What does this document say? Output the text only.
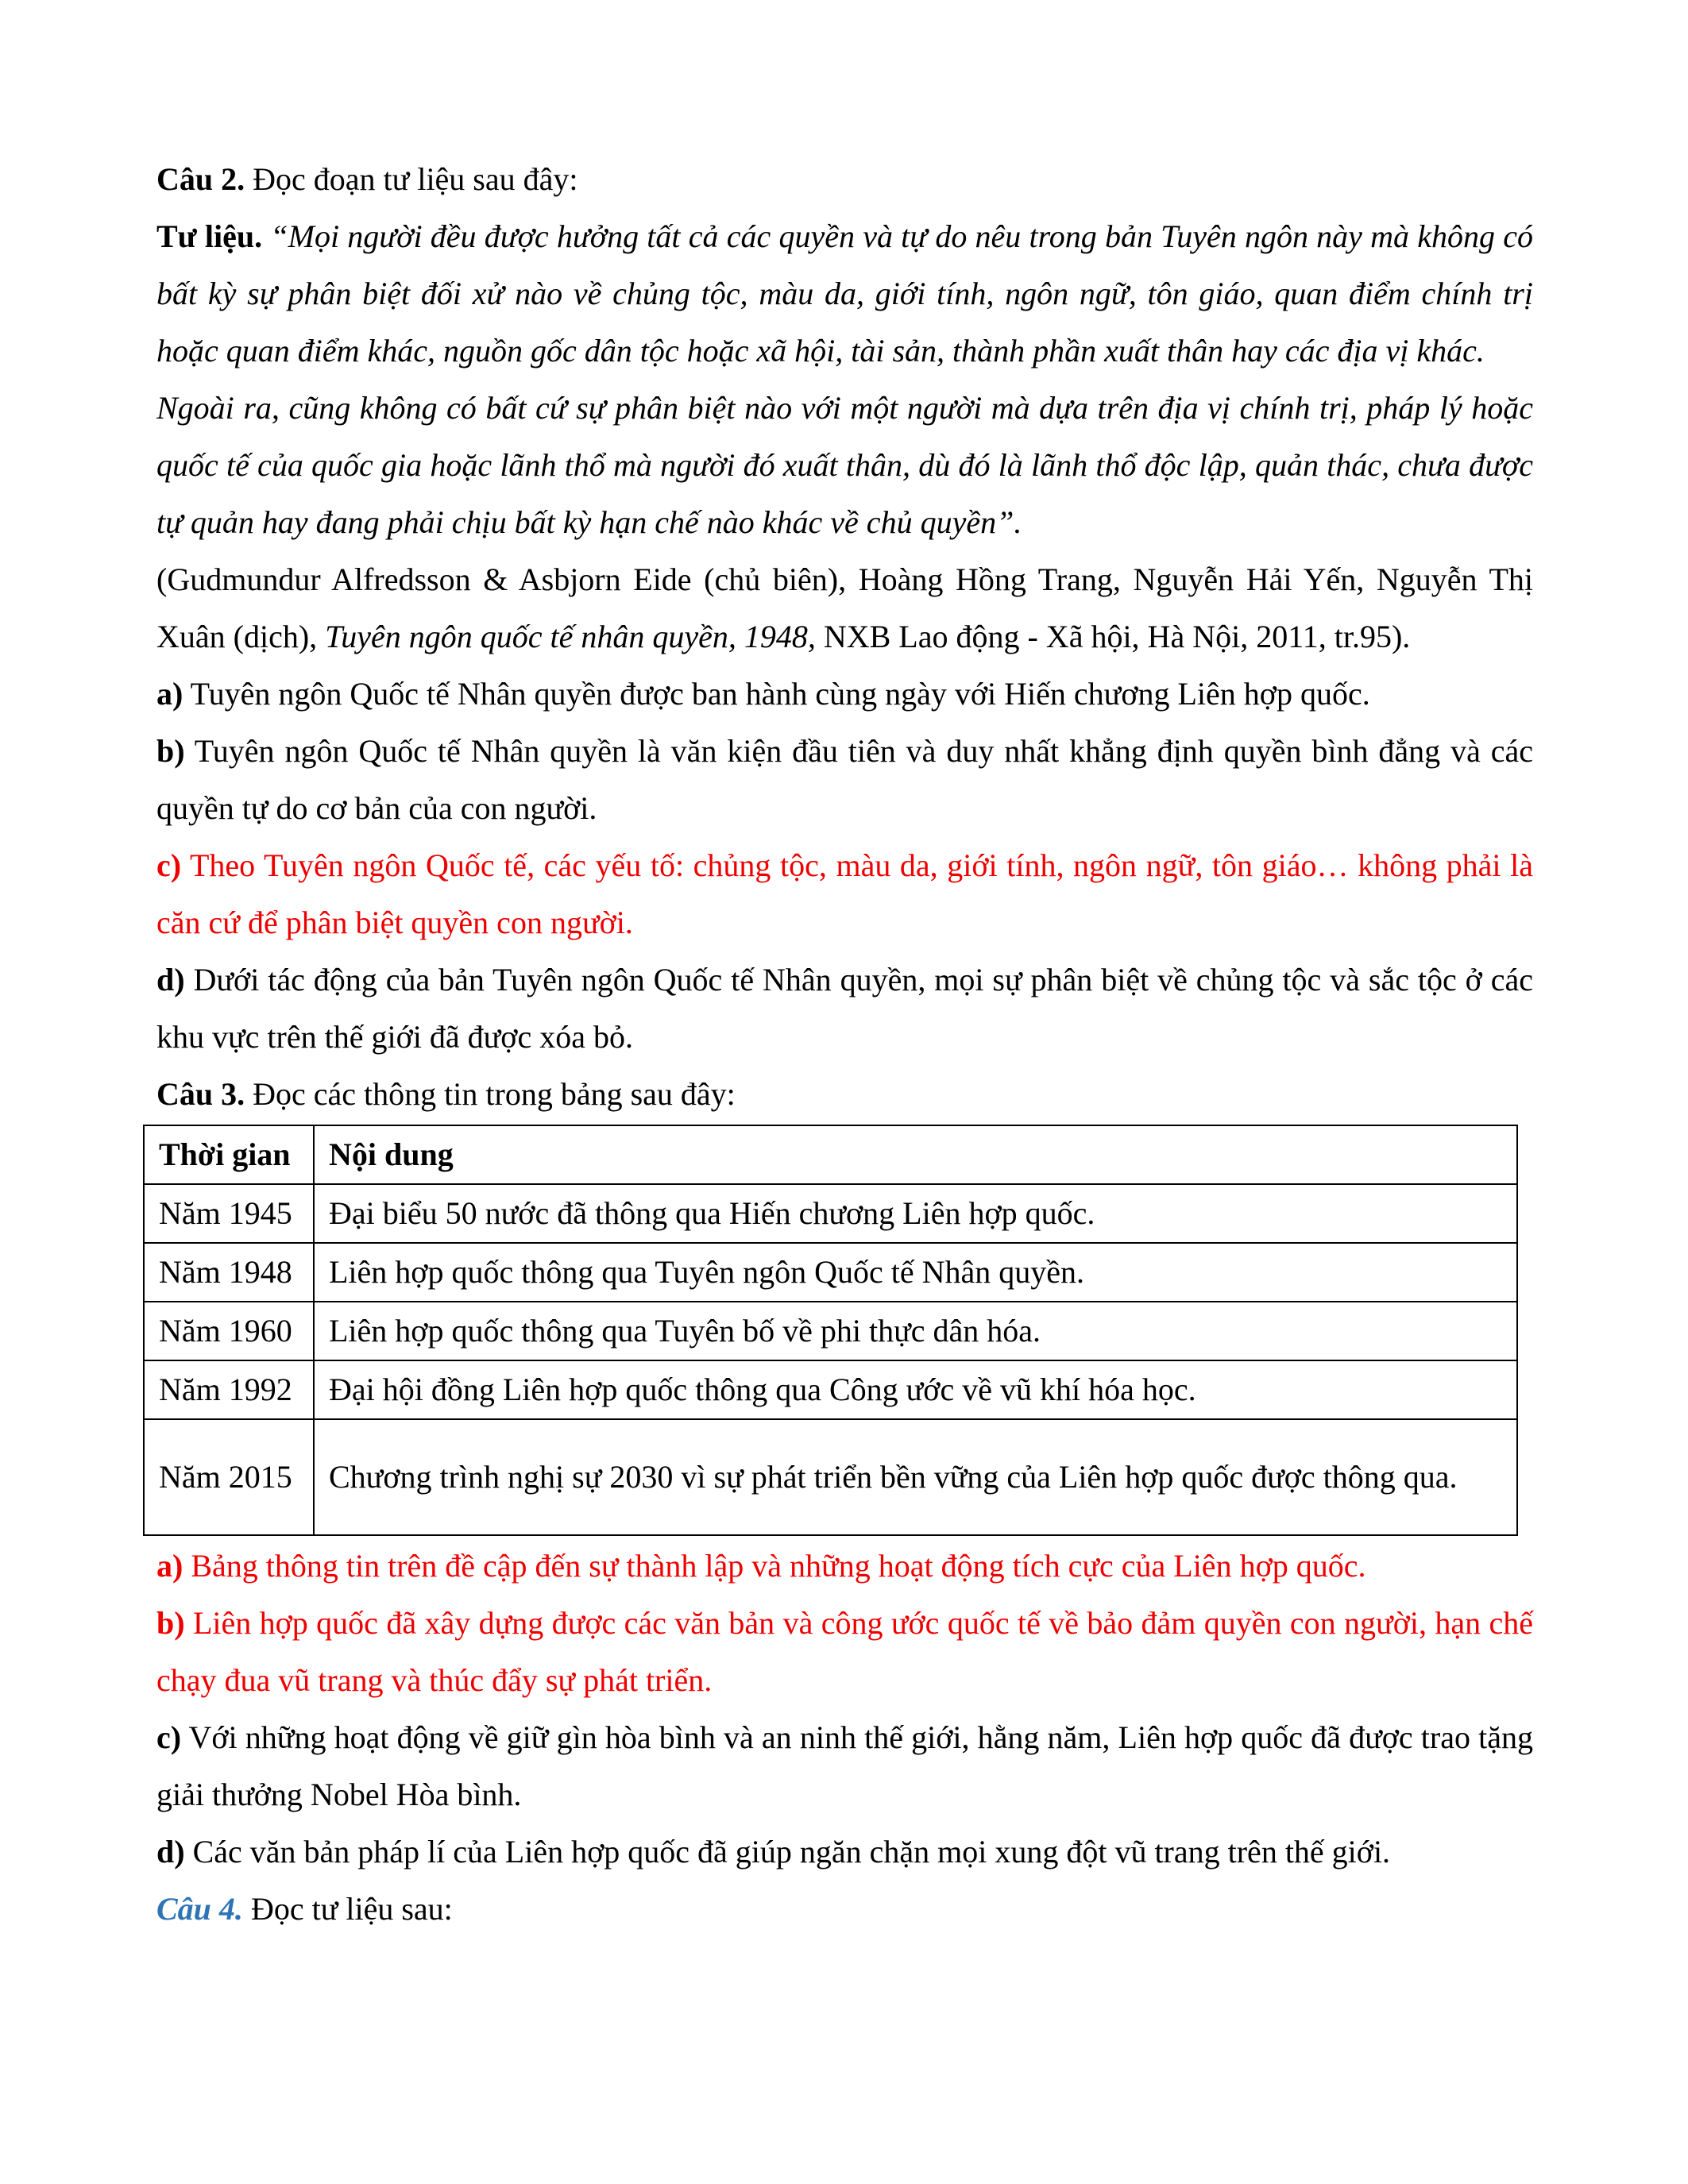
Câu 2. Đọc đoạn tư liệu sau đây:

Tư liệu. “Mọi người đều được hưởng tất cả các quyền và tự do nêu trong bản Tuyên ngôn này mà không có bất kỳ sự phân biệt đối xử nào về chủng tộc, màu da, giới tính, ngôn ngữ, tôn giáo, quan điểm chính trị hoặc quan điểm khác, nguồn gốc dân tộc hoặc xã hội, tài sản, thành phần xuất thân hay các địa vị khác.

Ngoài ra, cũng không có bất cứ sự phân biệt nào với một người mà dựa trên địa vị chính trị, pháp lý hoặc quốc tế của quốc gia hoặc lãnh thổ mà người đó xuất thân, dù đó là lãnh thổ độc lập, quản thác, chưa được tự quản hay đang phải chịu bất kỳ hạn chế nào khác về chủ quyền”.

(Gudmundur Alfredsson & Asbjorn Eide (chủ biên), Hoàng Hồng Trang, Nguyễn Hải Yến, Nguyễn Thị Xuân (dịch), Tuyên ngôn quốc tế nhân quyền, 1948, NXB Lao động - Xã hội, Hà Nội, 2011, tr.95).

a) Tuyên ngôn Quốc tế Nhân quyền được ban hành cùng ngày với Hiến chương Liên hợp quốc.

b) Tuyên ngôn Quốc tế Nhân quyền là văn kiện đầu tiên và duy nhất khẳng định quyền bình đẳng và các quyền tự do cơ bản của con người.

c) Theo Tuyên ngôn Quốc tế, các yếu tố: chủng tộc, màu da, giới tính, ngôn ngữ, tôn giáo… không phải là căn cứ để phân biệt quyền con người.

d) Dưới tác động của bản Tuyên ngôn Quốc tế Nhân quyền, mọi sự phân biệt về chủng tộc và sắc tộc ở các khu vực trên thế giới đã được xóa bỏ.

Câu 3. Đọc các thông tin trong bảng sau đây:

Thời gian	Nội dung
Năm 1945	Đại biểu 50 nước đã thông qua Hiến chương Liên hợp quốc.
Năm 1948	Liên hợp quốc thông qua Tuyên ngôn Quốc tế Nhân quyền.
Năm 1960	Liên hợp quốc thông qua Tuyên bố về phi thực dân hóa.
Năm 1992	Đại hội đồng Liên hợp quốc thông qua Công ước về vũ khí hóa học.
Năm 2015	Chương trình nghị sự 2030 vì sự phát triển bền vững của Liên hợp quốc được thông qua.

a) Bảng thông tin trên đề cập đến sự thành lập và những hoạt động tích cực của Liên hợp quốc.

b) Liên hợp quốc đã xây dựng được các văn bản và công ước quốc tế về bảo đảm quyền con người, hạn chế chạy đua vũ trang và thúc đẩy sự phát triển.

c) Với những hoạt động về giữ gìn hòa bình và an ninh thế giới, hằng năm, Liên hợp quốc đã được trao tặng giải thưởng Nobel Hòa bình.

d) Các văn bản pháp lí của Liên hợp quốc đã giúp ngăn chặn mọi xung đột vũ trang trên thế giới.

Câu 4. Đọc tư liệu sau:
